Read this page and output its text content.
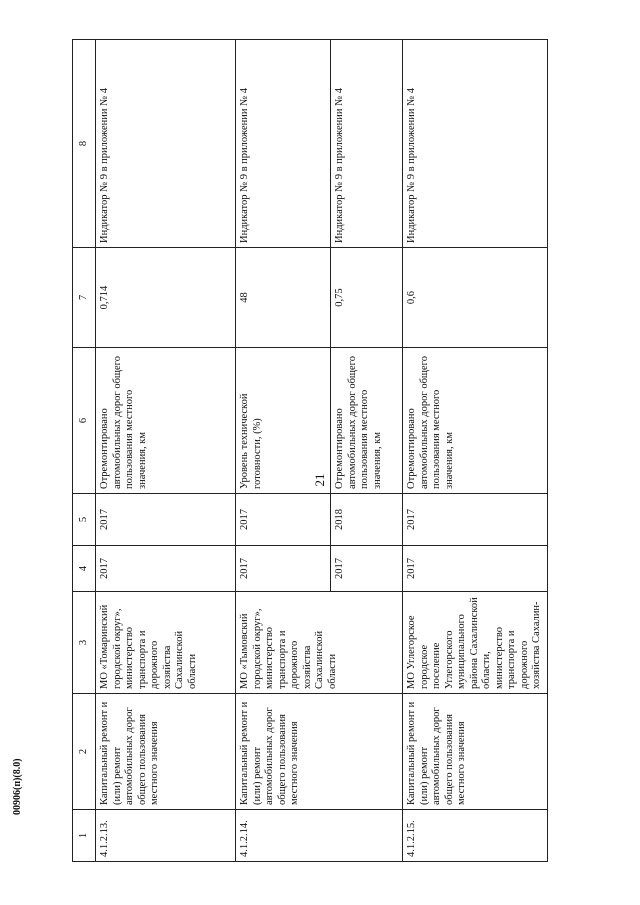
21
00906(п)(8.0)
1	2	3	4	5	6	7	8
4.1.2.13.	Капитальный ремонт и (или) ремонт автомобильных дорог общего пользования местного значения	МО «Томаринский городской округ», министерство транспорта и дорожного хозяйства Сахалинской области	2017	2017	Отремонтировано автомобильных дорог общего пользования местного значения, км	0,714	Индикатор № 9 в приложении № 4
4.1.2.14.	Капитальный ремонт и (или) ремонт автомобильных дорог общего пользования местного значения	МО «Тымовский городской округ», министерство транспорта и дорожного хозяйства Сахалинской области	2017	2017	Уровень технической готовности, (%)	48	Индикатор № 9 в приложении № 4
			2017	2018	Отремонтировано автомобильных дорог общего пользования местного значения, км	0,75	Индикатор № 9 в приложении № 4
4.1.2.15.	Капитальный ремонт и (или) ремонт автомобильных дорог общего пользования местного значения	МО Углегорское городское поселение Углегорского муниципального района Сахалинской области, министерство транспорта и дорожного хозяйства Сахалин-	2017	2017	Отремонтировано автомобильных дорог общего пользования местного значения, км	0,6	Индикатор № 9 в приложении № 4
